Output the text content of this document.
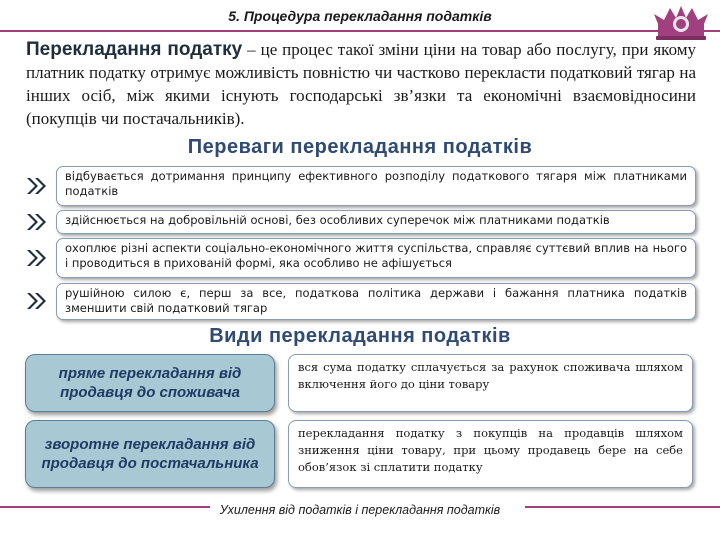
5. Процедура перекладання податків
Перекладання податку – це процес такої зміни ціни на товар або послугу, при якому платник податку отримує можливість повністю чи частково перекласти податковий тягар на інших осіб, між якими існують господарські зв’язки та економічні взаємовідносини (покупців чи постачальників).
Переваги перекладання податків
відбувається дотримання принципу ефективного розподілу податкового тягаря між платниками податків
здійснюється на добровільній основі, без особливих суперечок між платниками податків
охоплює різні аспекти соціально-економічного життя суспільства, справляє суттєвий вплив на нього і проводиться в прихованій формі, яка особливо не афішується
рушійною силою є, перш за все, податкова політика держави і бажання платника податків зменшити свій податковий тягар
Види перекладання податків
пряме перекладання від продавця до споживача
вся сума податку сплачується за рахунок споживача шляхом включення його до ціни товару
зворотне перекладання від продавця до постачальника
перекладання податку з покупців на продавців шляхом зниження ціни товару, при цьому продавець бере на себе обов’язок зі сплатити податку
Ухилення від податків і перекладання податків
